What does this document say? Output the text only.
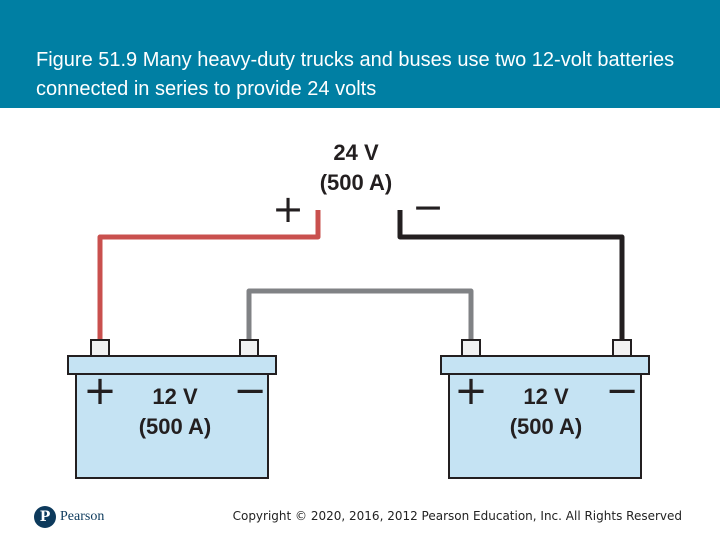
Figure 51.9 Many heavy-duty trucks and buses use two 12-volt batteries connected in series to provide 24 volts

24 V
(500 A)
+	−
+	−
12 V
(500 A)
+	−
12 V
(500 A)
P Pearson	Copyright © 2020, 2016, 2012 Pearson Education, Inc. All Rights Reserved
